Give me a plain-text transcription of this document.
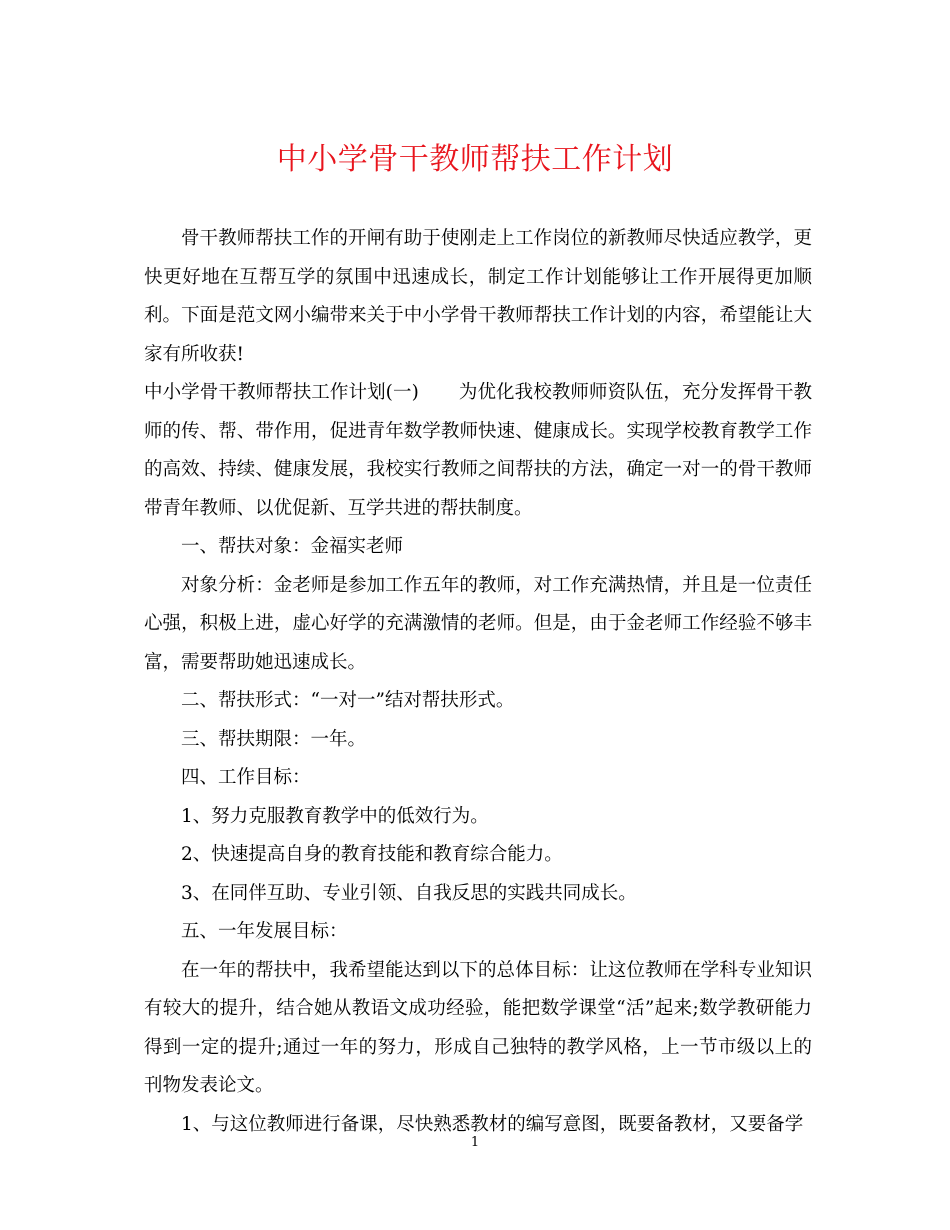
中小学骨干教师帮扶工作计划

骨干教师帮扶工作的开闸有助于使刚走上工作岗位的新教师尽快适应教学，更快更好地在互帮互学的氛围中迅速成长，制定工作计划能够让工作开展得更加顺利。下面是范文网小编带来关于中小学骨干教师帮扶工作计划的内容，希望能让大家有所收获!

中小学骨干教师帮扶工作计划(一) 为优化我校教师师资队伍，充分发挥骨干教师的传、帮、带作用，促进青年数学教师快速、健康成长。实现学校教育教学工作的高效、持续、健康发展，我校实行教师之间帮扶的方法，确定一对一的骨干教师带青年教师、以优促新、互学共进的帮扶制度。

一、帮扶对象：金福实老师

对象分析：金老师是参加工作五年的教师，对工作充满热情，并且是一位责任心强，积极上进，虚心好学的充满激情的老师。但是，由于金老师工作经验不够丰富，需要帮助她迅速成长。

二、帮扶形式：“一对一”结对帮扶形式。

三、帮扶期限：一年。

四、工作目标：

1、努力克服教育教学中的低效行为。

2、快速提高自身的教育技能和教育综合能力。

3、在同伴互助、专业引领、自我反思的实践共同成长。

五、一年发展目标：

在一年的帮扶中，我希望能达到以下的总体目标：让这位教师在学科专业知识有较大的提升，结合她从教语文成功经验，能把数学课堂“活”起来;数学教研能力得到一定的提升;通过一年的努力，形成自己独特的教学风格，上一节市级以上的刊物发表论文。

1、与这位教师进行备课，尽快熟悉教材的编写意图，既要备教材，又要备学

1
